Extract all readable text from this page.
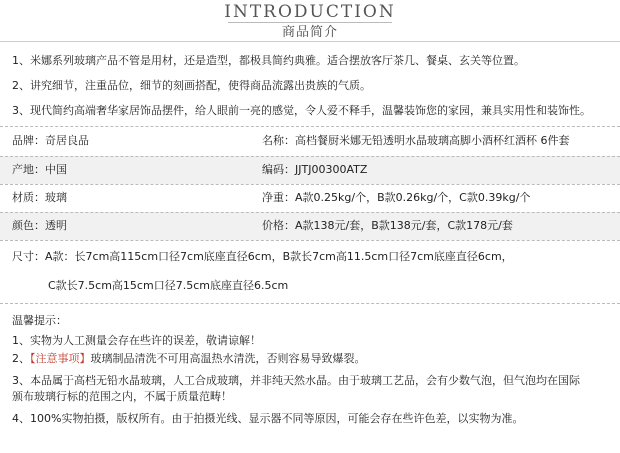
INTRODUCTION
商品简介
1、米娜系列玻璃产品不管是用材，还是造型，都极具简约典雅。适合摆放客厅茶几、餐桌、玄关等位置。
2、讲究细节，注重品位，细节的刻画搭配，使得商品流露出贵族的气质。
3、现代简约高端奢华家居饰品摆件，给人眼前一亮的感觉，令人爱不释手，温馨装饰您的家园，兼具实用性和装饰性。
品牌：奇居良品	名称：高档餐厨米娜无铅透明水晶玻璃高脚小酒杯红酒杯 6件套
产地：中国	编码：JJTJ00300ATZ
材质：玻璃	净重：A款0.25kg/个，B款0.26kg/个，C款0.39kg/个
颜色：透明	价格：A款138元/套，B款138元/套，C款178元/套
尺寸：A款：长7cm高115cm口径7cm底座直径6cm，B款长7cm高11.5cm口径7cm底座直径6cm，
C款长7.5cm高15cm口径7.5cm底座直径6.5cm
温馨提示：
1、实物为人工测量会存在些许的误差，敬请谅解！
2、【注意事项】玻璃制品清洗不可用高温热水清洗，否则容易导致爆裂。
3、本品属于高档无铅水晶玻璃，人工合成玻璃，并非纯天然水晶。由于玻璃工艺品，会有少数气泡，但气泡均在国际
颁布玻璃行标的范围之内，不属于质量范畴！
4、100%实物拍摄，版权所有。由于拍摄光线、显示器不同等原因，可能会存在些许色差，以实物为准。
